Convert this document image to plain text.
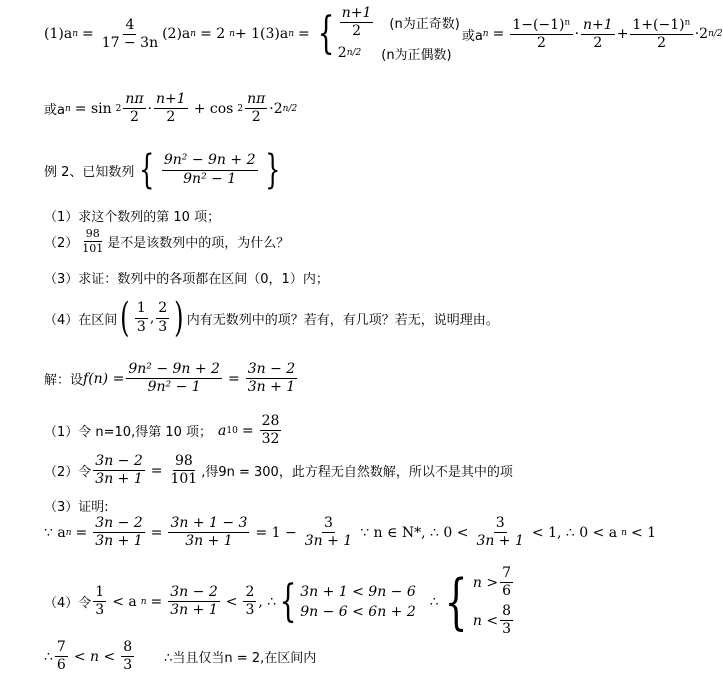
(1)a $n = \frac{4}{17 - 3n} (2)a$ n = 2 n + 1(3)a n = { $\frac{n+1}{2} (n$为正奇数)
2 n/2 (n为正偶数)
或a $n = \frac{\text{1−(−1)ⁿ}}{2} \cdot \frac{n+1}{2} + \frac{\text{1+(−1)ⁿ}}{2} \cdot 2$ n/2
或a $n = \sin 2 \frac{n\pi}{2} \cdot \frac{n+1}{2} + \cos 2 \frac{n\pi}{2} \cdot 2$ n/2
例 2、已知数列 { $\frac{\text{9n² − 9n + 2}}{\text{9n² − 1}}$ }
（1）求这个数列的第 10 项；
$(2) \frac{98}{101}$ 是不是该数列中的项，为什么？
（3）求证：数列中的各项都在区间（0，1）内；
（4）在区间 ( $\frac{1}{3}$ , $\frac{2}{3}$ ) 内有无数列中的项？若有，有几项？若无，说明理由。
解：设 $f(n) = \frac{\text{9n² − 9n + 2}}{\text{9n² − 1}} = \frac{3n - 2}{3n + 1}$
（1）令 n=10,得第 10 项； a $10 = \frac{28}{32}$
（2）令 $\frac{3n - 2}{3n + 1} = \frac{98}{101}$ ,得9n = 300，此方程无自然数解，所以不是其中的项
（3）证明:
∵ a $n = \frac{3n - 2}{3n + 1} = \frac{3n + 1 - 3}{3n + 1} = 1 - \frac{3}{3n + 1}$ ∵ n ∈ N*, ∴ $0 < \frac{3}{3n + 1} < 1$, ∴ 0 < a n < 1
（4）令 $\frac{1}{3} < a$ $n = \frac{3n - 2}{3n + 1} < \frac{2}{3}$ , ∴ { 3n + 1 < 9n − 6
9n − 6 < 6n + 2
∴ { $n > \frac{7}{6}$
$n < \frac{8}{3}$
∴ $\frac{7}{6} < n < \frac{8}{3}$ ∴当且仅当n = 2,在区间内
